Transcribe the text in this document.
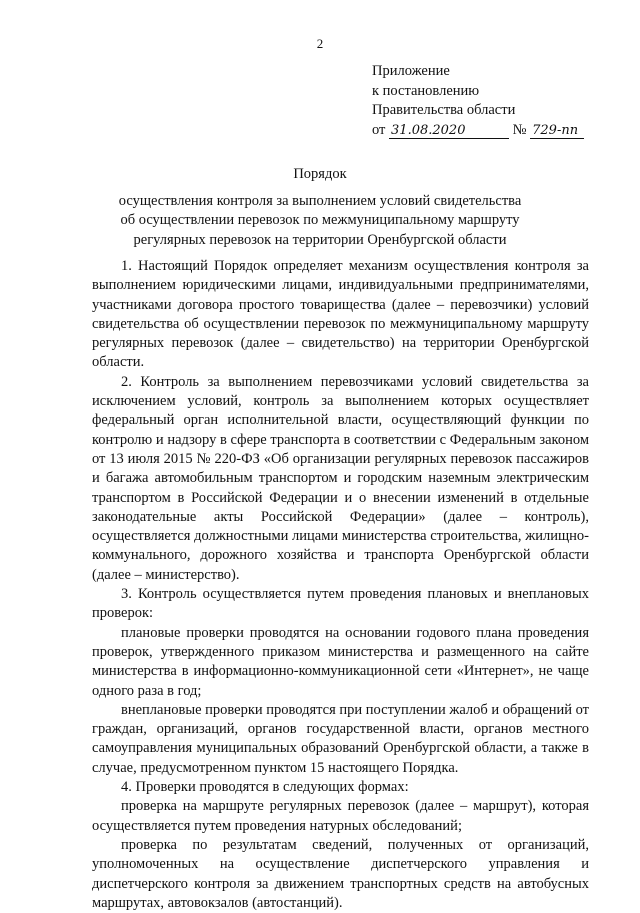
2
Приложение
к постановлению
Правительства области
от 31.08.2020	№ 729-пп
Порядок
осуществления контроля за выполнением условий свидетельства
об осуществлении перевозок по межмуниципальному маршруту
регулярных перевозок на территории Оренбургской области

1. Настоящий Порядок определяет механизм осуществления контроля за выполнением юридическими лицами, индивидуальными предпринимателями, участниками договора простого товарищества (далее – перевозчики) условий свидетельства об осуществлении перевозок по межмуниципальному маршруту регулярных перевозок (далее – свидетельство) на территории Оренбургской области.

2. Контроль за выполнением перевозчиками условий свидетельства за исключением условий, контроль за выполнением которых осуществляет федеральный орган исполнительной власти, осуществляющий функции по контролю и надзору в сфере транспорта в соответствии с Федеральным законом от 13 июля 2015 № 220-ФЗ «Об организации регулярных перевозок пассажиров и багажа автомобильным транспортом и городским наземным электрическим транспортом в Российской Федерации и о внесении изменений в отдельные законодательные акты Российской Федерации» (далее – контроль), осуществляется должностными лицами министерства строительства, жилищно-коммунального, дорожного хозяйства и транспорта Оренбургской области (далее – министерство).

3. Контроль осуществляется путем проведения плановых и внеплановых проверок:

плановые проверки проводятся на основании годового плана проведения проверок, утвержденного приказом министерства и размещенного на сайте министерства в информационно-коммуникационной сети «Интернет», не чаще одного раза в год;

внеплановые проверки проводятся при поступлении жалоб и обращений от граждан, организаций, органов государственной власти, органов местного самоуправления муниципальных образований Оренбургской области, а также в случае, предусмотренном пунктом 15 настоящего Порядка.

4. Проверки проводятся в следующих формах:

проверка на маршруте регулярных перевозок (далее – маршрут), которая осуществляется путем проведения натурных обследований;

проверка по результатам сведений, полученных от организаций, уполномоченных на осуществление диспетчерского управления и диспетчерского контроля за движением транспортных средств на автобусных маршрутах, автовокзалов (автостанций).
